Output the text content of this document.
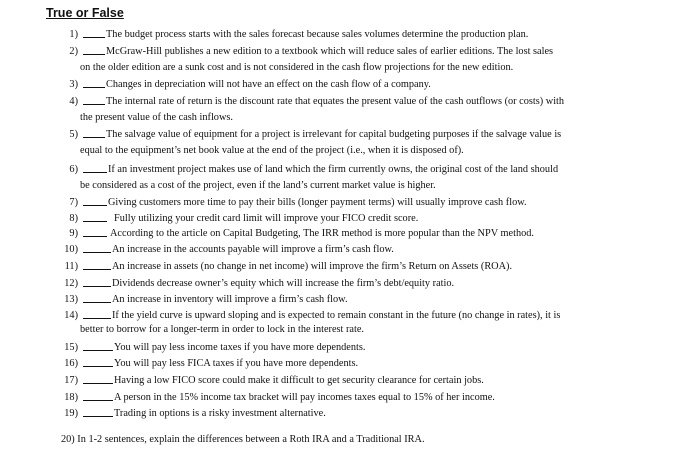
True or False
1)	The budget process starts with the sales forecast because sales volumes determine the production plan.
2)	McGraw-Hill publishes a new edition to a textbook which will reduce sales of earlier editions. The lost sales
on the older edition are a sunk cost and is not considered in the cash flow projections for the new edition.
3)	Changes in depreciation will not have an effect on the cash flow of a company.
4)	The internal rate of return is the discount rate that equates the present value of the cash outflows (or costs) with
the present value of the cash inflows.
5)	The salvage value of equipment for a project is irrelevant for capital budgeting purposes if the salvage value is
equal to the equipment’s net book value at the end of the project (i.e., when it is disposed of).
6)	If an investment project makes use of land which the firm currently owns, the original cost of the land should
be considered as a cost of the project, even if the land’s current market value is higher.
7)	Giving customers more time to pay their bills (longer payment terms) will usually improve cash flow.
8)	Fully utilizing your credit card limit will improve your FICO credit score.
9)	According to the article on Capital Budgeting, The IRR method is more popular than the NPV method.
10)	An increase in the accounts payable will improve a firm’s cash flow.
11)	An increase in assets (no change in net income) will improve the firm’s Return on Assets (ROA).
12)	Dividends decrease owner’s equity which will increase the firm’s debt/equity ratio.
13)	An increase in inventory will improve a firm’s cash flow.
14)	If the yield curve is upward sloping and is expected to remain constant in the future (no change in rates), it is
better to borrow for a longer-term in order to lock in the interest rate.
15)	You will pay less income taxes if you have more dependents.
16)	You will pay less FICA taxes if you have more dependents.
17)	Having a low FICO score could make it difficult to get security clearance for certain jobs.
18)	A person in the 15% income tax bracket will pay incomes taxes equal to 15% of her income.
19)	Trading in options is a risky investment alternative.
20) In 1-2 sentences, explain the differences between a Roth IRA and a Traditional IRA.
